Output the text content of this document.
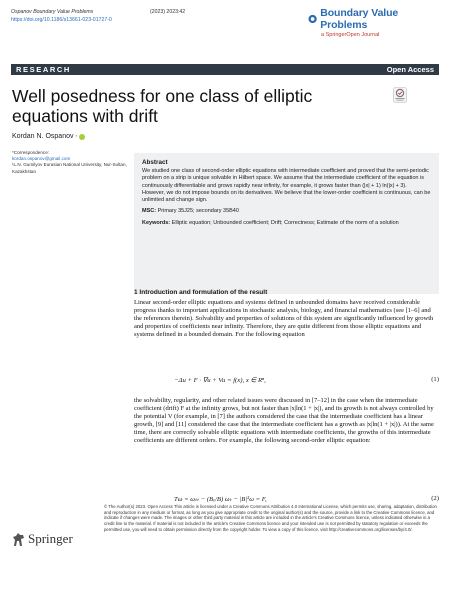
Ospanov Boundary Value Problems
https://doi.org/10.1186/s13661-023-01727-0
(2023) 2023:42	Boundary Value Problems
a SpringerOpen Journal
RESEARCH	Open Access
Well posedness for one class of elliptic equations with drift
Kordan N. Ospanov *
*Correspondence:
kordan.ospanov@gmail.com
¹L.N. Gumilyov Eurasian National University, Nur-Sultan, Kazakhstan
Abstract

We studied one class of second-order elliptic equations with intermediate coefficient and proved that the semi-periodic problem on a strip is unique solvable in Hilbert space. We assume that the intermediate coefficient of the equation is continuously differentiable and grows rapidly near infinity, for example, it grows faster than (|x| + 1) ln(|x| + 3). However, we do not impose bounds on its derivatives. We believe that the lower-order coefficient is continuous, can be unlimited and change sign.

MSC: Primary 35J25; secondary 35B40
Keywords: Elliptic equation; Unbounded coefficient; Drift; Correctness; Estimate of the norm of a solution
1 Introduction and formulation of the result

Linear second-order elliptic equations and systems defined in unbounded domains have received considerable progress thanks to important applications in stochastic analysis, biology, and financial mathematics (see [1–6] and the references therein). Solvability and properties of solutions of this system are significantly influenced by growth and properties of coefficients near infinity. Therefore, they are quite different from those elliptic equations and systems defined in a bounded domain. For the following equation

−Δu + F · ∇u + Vu = f(x), x ∈ Rⁿ,	(1)

the solvability, regularity, and other related issues were discussed in [7–12] in the case when the intermediate coefficient (drift) F at the infinity grows, but not faster than |x|ln(1 + |x|), and its growth is not always controlled by the potential V (for example, in [7] the authors considered the case that the intermediate coefficient has a linear growth, [9] and [11] considered the case that the intermediate coefficient has a growth as |x|ln(1 + |x|)). At the same time, there are correctly solvable elliptic equations with intermediate coefficients, the growths of this intermediate coefficients are different orders. For example, the following second-order elliptic equation:

Tω = ωₜₜ − (Bₓ/B) ωₜ − |B|²ω = F,	(2)
© The Author(s) 2023. Open Access This article is licensed under a Creative Commons Attribution 4.0 International License, which permits use, sharing, adaptation, distribution and reproduction in any medium or format, as long as you give appropriate credit to the original author(s) and the source, provide a link to the Creative Commons licence, and indicate if changes were made. The images or other third party material in this article are included in the article's Creative Commons licence, unless indicated otherwise in a credit line to the material. If material is not included in the article's Creative Commons licence and your intended use is not permitted by statutory regulation or exceeds the permitted use, you will need to obtain permission directly from the copyright holder. To view a copy of this licence, visit http://creativecommons.org/licenses/by/4.0/.
Springer
